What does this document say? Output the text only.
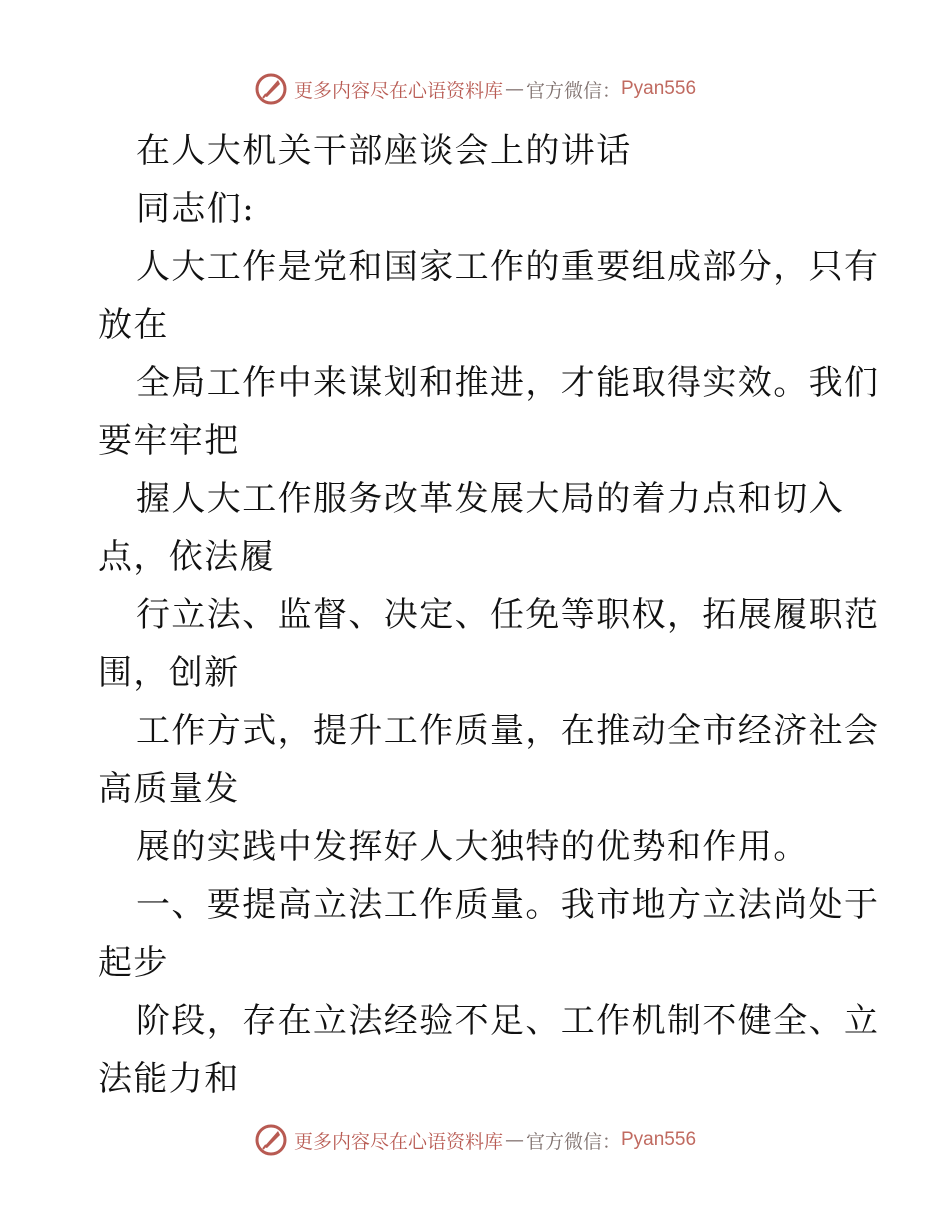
更多内容尽在心语资料库 — 官方微信： Pyan556
在人大机关干部座谈会上的讲话
同志们:
人大工作是党和国家工作的重要组成部分，只有
放在
全局工作中来谋划和推进，才能取得实效。我们
要牢牢把
握人大工作服务改革发展大局的着力点和切入
点，依法履
行立法、监督、决定、任免等职权，拓展履职范
围，创新
工作方式，提升工作质量，在推动全市经济社会
高质量发
展的实践中发挥好人大独特的优势和作用。
一、要提高立法工作质量。我市地方立法尚处于
起步
阶段，存在立法经验不足、工作机制不健全、立
法能力和
更多内容尽在心语资料库 — 官方微信： Pyan556
